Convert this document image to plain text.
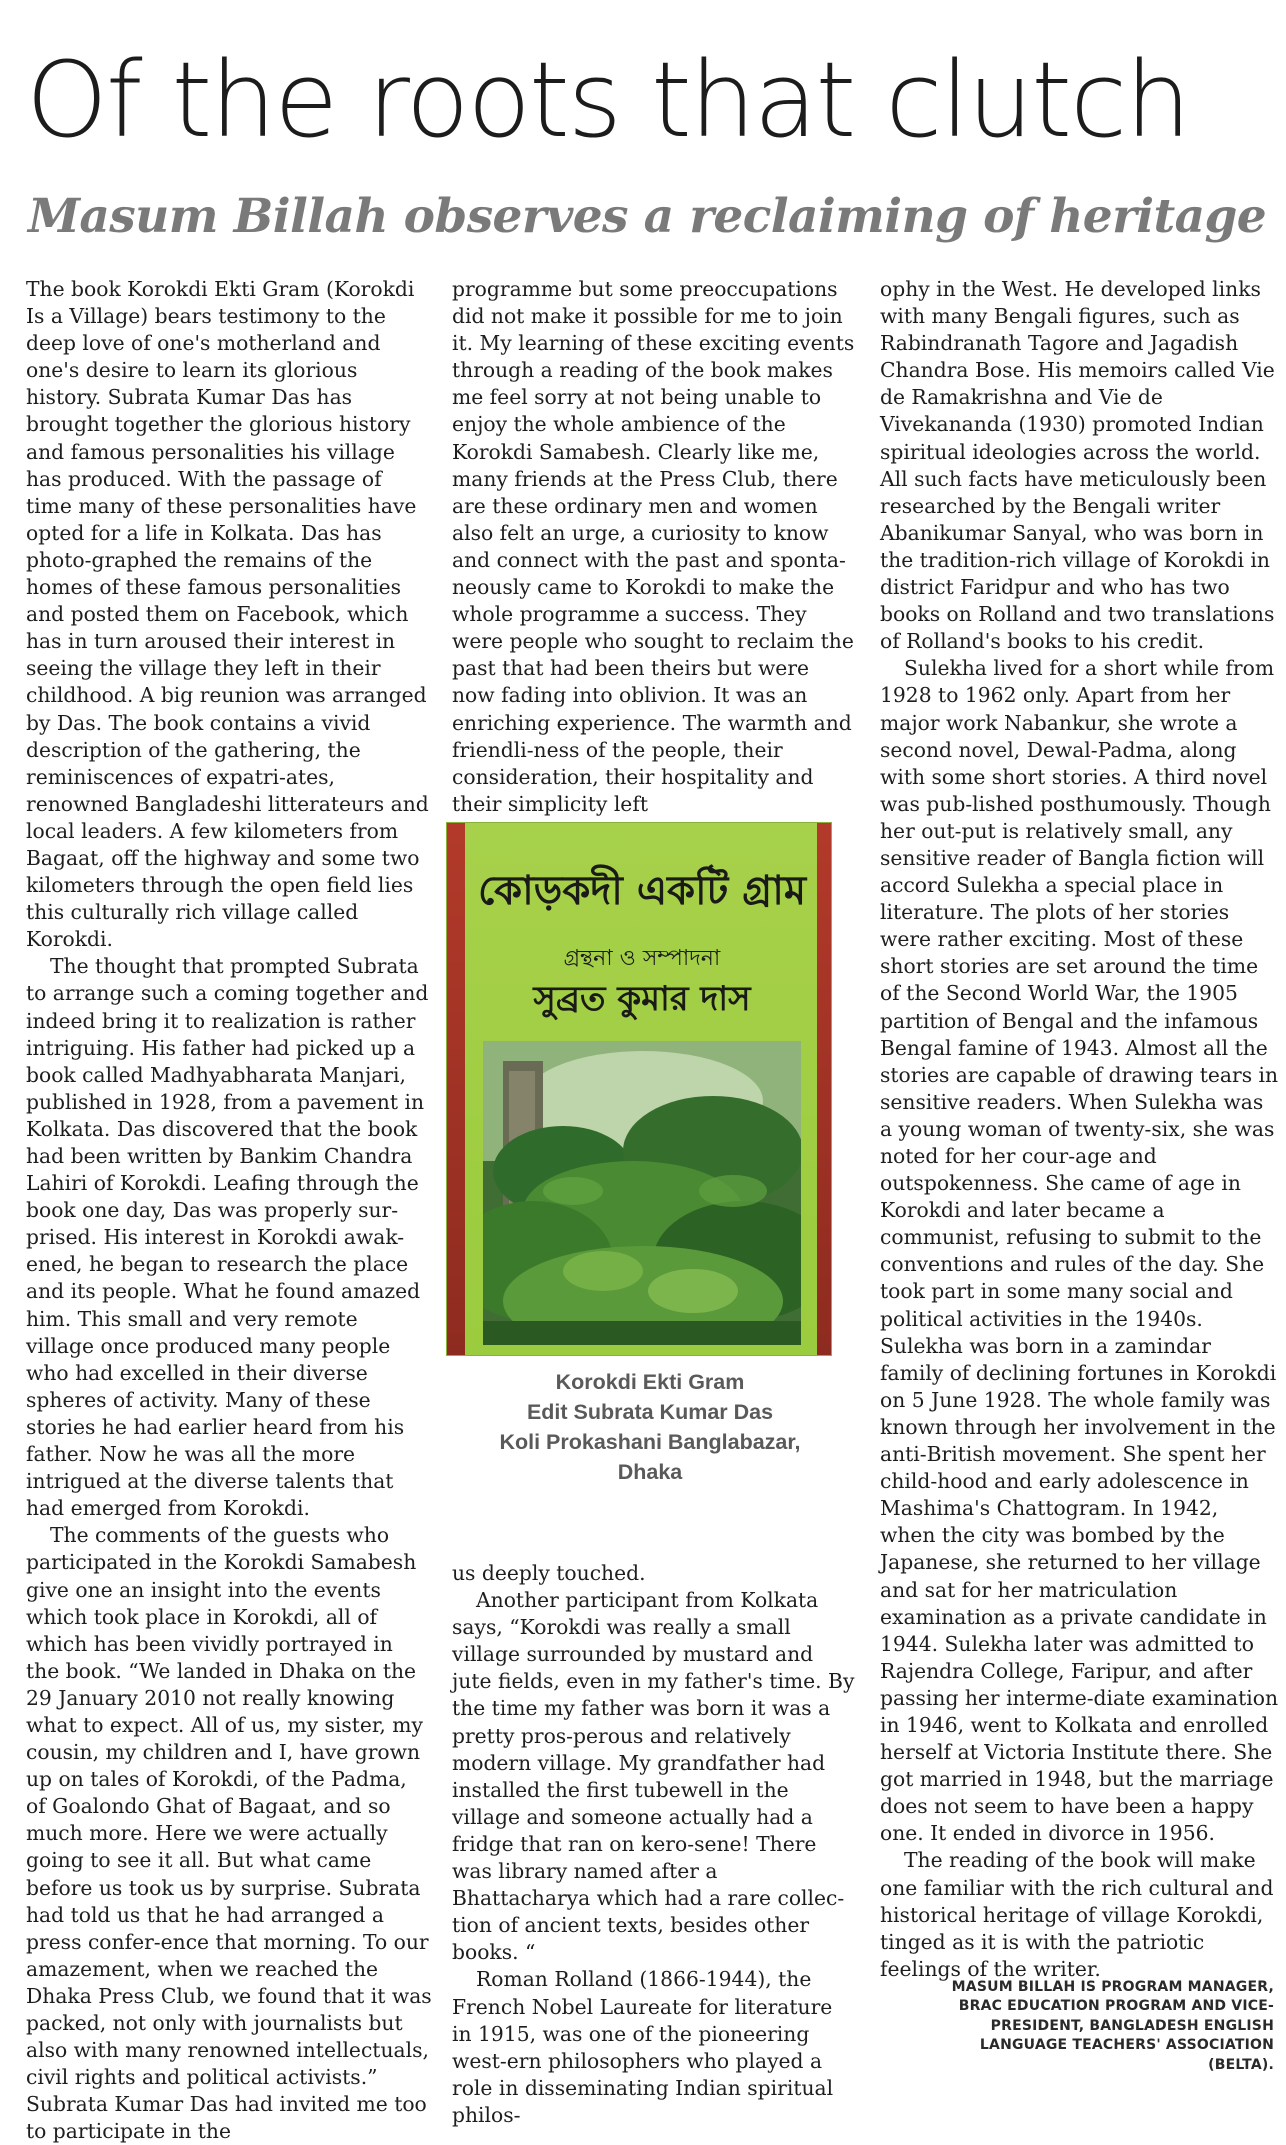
Of the roots that clutch
Masum Billah observes a reclaiming of heritage

The book Korokdi Ekti Gram (Korokdi Is a Village) bears testimony to the deep love of one's motherland and one's desire to learn its glorious history. Subrata Kumar Das has brought together the glorious history and famous personalities his village has produced. With the passage of time many of these personalities have opted for a life in Kolkata. Das has photo-graphed the remains of the homes of these famous personalities and posted them on Facebook, which has in turn aroused their interest in seeing the village they left in their childhood. A big reunion was arranged by Das. The book contains a vivid description of the gathering, the reminiscences of expatri-ates, renowned Bangladeshi litterateurs and local leaders. A few kilometers from Bagaat, off the highway and some two kilometers through the open field lies this culturally rich village called Korokdi.

The thought that prompted Subrata to arrange such a coming together and indeed bring it to realization is rather intriguing. His father had picked up a book called Madhyabharata Manjari, published in 1928, from a pavement in Kolkata. Das discovered that the book had been written by Bankim Chandra Lahiri of Korokdi. Leafing through the book one day, Das was properly sur-prised. His interest in Korokdi awak-ened, he began to research the place and its people. What he found amazed him. This small and very remote village once produced many people who had excelled in their diverse spheres of activity. Many of these stories he had earlier heard from his father. Now he was all the more intrigued at the diverse talents that had emerged from Korokdi.

The comments of the guests who participated in the Korokdi Samabesh give one an insight into the events which took place in Korokdi, all of which has been vividly portrayed in the book. “We landed in Dhaka on the 29 January 2010 not really knowing what to expect. All of us, my sister, my cousin, my children and I, have grown up on tales of Korokdi, of the Padma, of Goalondo Ghat of Bagaat, and so much more. Here we were actually going to see it all. But what came before us took us by surprise. Subrata had told us that he had arranged a press confer-ence that morning. To our amazement, when we reached the Dhaka Press Club, we found that it was packed, not only with journalists but also with many renowned intellectuals, civil rights and political activists.” Subrata Kumar Das had invited me too to participate in the

programme but some preoccupations did not make it possible for me to join it. My learning of these exciting events through a reading of the book makes me feel sorry at not being unable to enjoy the whole ambience of the Korokdi Samabesh. Clearly like me, many friends at the Press Club, there are these ordinary men and women also felt an urge, a curiosity to know and connect with the past and sponta-neously came to Korokdi to make the whole programme a success. They were people who sought to reclaim the past that had been theirs but were now fading into oblivion. It was an enriching experience. The warmth and friendli-ness of the people, their consideration, their hospitality and their simplicity left

কোড়কদী একটি গ্রাম
গ্রন্থনা ও সম্পাদনা
সুব্রত কুমার দাস
Korokdi Ekti Gram
Edit Subrata Kumar Das
Koli Prokashani Banglabazar,
Dhaka

us deeply touched.

Another participant from Kolkata says, “Korokdi was really a small village surrounded by mustard and jute fields, even in my father's time. By the time my father was born it was a pretty pros-perous and relatively modern village. My grandfather had installed the first tubewell in the village and someone actually had a fridge that ran on kero-sene! There was library named after a Bhattacharya which had a rare collec-tion of ancient texts, besides other books. “

Roman Rolland (1866-1944), the French Nobel Laureate for literature in 1915, was one of the pioneering west-ern philosophers who played a role in disseminating Indian spiritual philos-

ophy in the West. He developed links with many Bengali figures, such as Rabindranath Tagore and Jagadish Chandra Bose. His memoirs called Vie de Ramakrishna and Vie de Vivekananda (1930) promoted Indian spiritual ideologies across the world. All such facts have meticulously been researched by the Bengali writer Abanikumar Sanyal, who was born in the tradition-rich village of Korokdi in district Faridpur and who has two books on Rolland and two translations of Rolland's books to his credit.

Sulekha lived for a short while from 1928 to 1962 only. Apart from her major work Nabankur, she wrote a second novel, Dewal-Padma, along with some short stories. A third novel was pub-lished posthumously. Though her out-put is relatively small, any sensitive reader of Bangla fiction will accord Sulekha a special place in literature. The plots of her stories were rather exciting. Most of these short stories are set around the time of the Second World War, the 1905 partition of Bengal and the infamous Bengal famine of 1943. Almost all the stories are capable of drawing tears in sensitive readers. When Sulekha was a young woman of twenty-six, she was noted for her cour-age and outspokenness. She came of age in Korokdi and later became a communist, refusing to submit to the conventions and rules of the day. She took part in some many social and political activities in the 1940s. Sulekha was born in a zamindar family of declining fortunes in Korokdi on 5 June 1928. The whole family was known through her involvement in the anti-British movement. She spent her child-hood and early adolescence in Mashima's Chattogram. In 1942, when the city was bombed by the Japanese, she returned to her village and sat for her matriculation examination as a private candidate in 1944. Sulekha later was admitted to Rajendra College, Faripur, and after passing her interme-diate examination in 1946, went to Kolkata and enrolled herself at Victoria Institute there. She got married in 1948, but the marriage does not seem to have been a happy one. It ended in divorce in 1956.

The reading of the book will make one familiar with the rich cultural and historical heritage of village Korokdi, tinged as it is with the patriotic feelings of the writer.

MASUM BILLAH IS PROGRAM MANAGER,
BRAC EDUCATION PROGRAM AND VICE-
PRESIDENT, BANGLADESH ENGLISH
LANGUAGE TEACHERS' ASSOCIATION
(BELTA).
